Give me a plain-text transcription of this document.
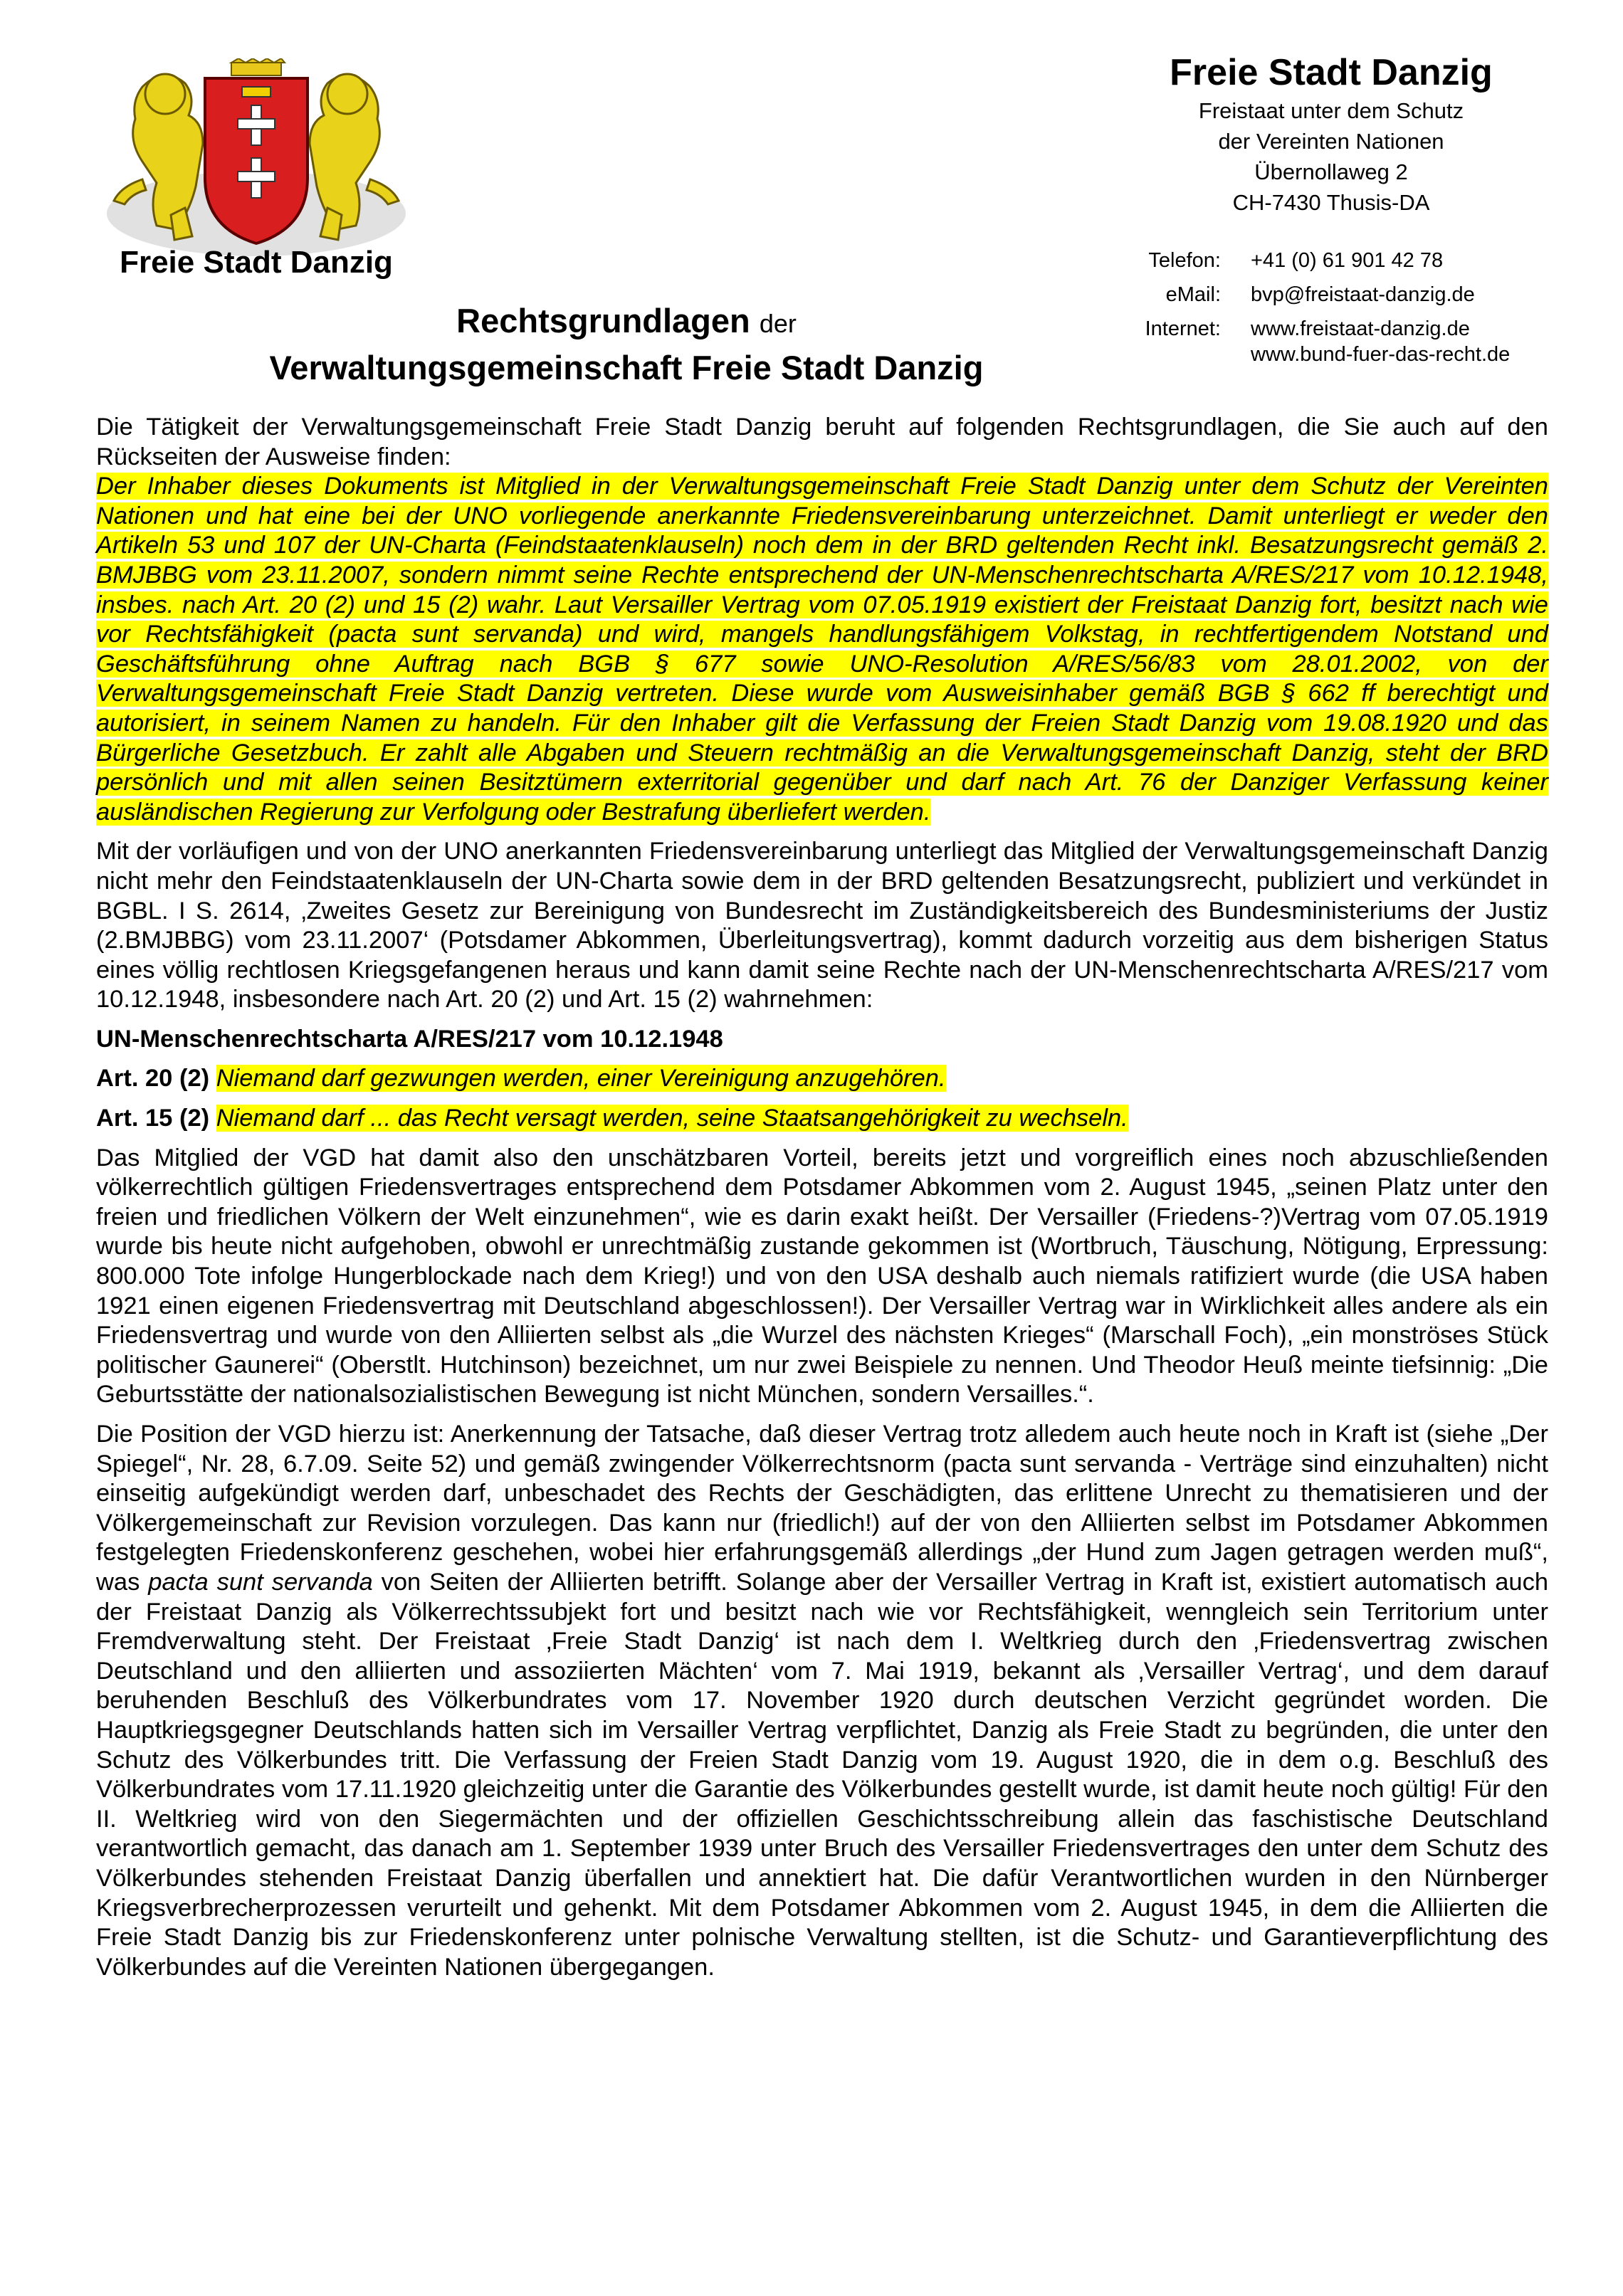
Freie Stadt Danzig
Freie Stadt Danzig
Freistaat unter dem Schutz
der Vereinten Nationen
Übernollaweg 2
CH-7430 Thusis-DA
Telefon:	+41 (0) 61 901 42 78
eMail:	bvp@freistaat-danzig.de
Internet:	www.freistaat-danzig.de
www.bund-fuer-das-recht.de
Rechtsgrundlagen der
Verwaltungsgemeinschaft Freie Stadt Danzig

Die Tätigkeit der Verwaltungsgemeinschaft Freie Stadt Danzig beruht auf folgenden Rechtsgrundlagen, die Sie auch auf den Rückseiten der Ausweise finden:

Der Inhaber dieses Dokuments ist Mitglied in der Verwaltungsgemeinschaft Freie Stadt Danzig unter dem Schutz der Vereinten Nationen und hat eine bei der UNO vorliegende anerkannte Friedensvereinbarung unterzeichnet. Damit unterliegt er weder den Artikeln 53 und 107 der UN-Charta (Feindstaatenklauseln) noch dem in der BRD geltenden Recht inkl. Besatzungsrecht gemäß 2. BMJBBG vom 23.11.2007, sondern nimmt seine Rechte entsprechend der UN-Menschenrechtscharta A/RES/217 vom 10.12.1948, insbes. nach Art. 20 (2) und 15 (2) wahr. Laut Versailler Vertrag vom 07.05.1919 existiert der Freistaat Danzig fort, besitzt nach wie vor Rechtsfähigkeit (pacta sunt servanda) und wird, mangels handlungsfähigem Volkstag, in rechtfertigendem Notstand und Geschäftsführung ohne Auftrag nach BGB § 677 sowie UNO-Resolution A/RES/56/83 vom 28.01.2002, von der Verwaltungsgemeinschaft Freie Stadt Danzig vertreten. Diese wurde vom Ausweisinhaber gemäß BGB § 662 ff berechtigt und autorisiert, in seinem Namen zu handeln. Für den Inhaber gilt die Verfassung der Freien Stadt Danzig vom 19.08.1920 und das Bürgerliche Gesetzbuch. Er zahlt alle Abgaben und Steuern rechtmäßig an die Verwaltungsgemeinschaft Danzig, steht der BRD persönlich und mit allen seinen Besitztümern exterritorial gegenüber und darf nach Art. 76 der Danziger Verfassung keiner ausländischen Regierung zur Verfolgung oder Bestrafung überliefert werden.

Mit der vorläufigen und von der UNO anerkannten Friedensvereinbarung unterliegt das Mitglied der Verwaltungsgemeinschaft Danzig nicht mehr den Feindstaatenklauseln der UN-Charta sowie dem in der BRD geltenden Besatzungsrecht, publiziert und verkündet in BGBL. I S. 2614, ‚Zweites Gesetz zur Bereinigung von Bundesrecht im Zuständigkeitsbereich des Bundesministeriums der Justiz (2.BMJBBG) vom 23.11.2007‘ (Potsdamer Abkommen, Überleitungsvertrag), kommt dadurch vorzeitig aus dem bisherigen Status eines völlig rechtlosen Kriegsgefangenen heraus und kann damit seine Rechte nach der UN-Menschenrechtscharta A/RES/217 vom 10.12.1948, insbesondere nach Art. 20 (2) und Art. 15 (2) wahrnehmen:

UN-Menschenrechtscharta A/RES/217 vom 10.12.1948

Art. 20 (2) Niemand darf gezwungen werden, einer Vereinigung anzugehören.

Art. 15 (2) Niemand darf ... das Recht versagt werden, seine Staatsangehörigkeit zu wechseln.

Das Mitglied der VGD hat damit also den unschätzbaren Vorteil, bereits jetzt und vorgreiflich eines noch abzuschließenden völkerrechtlich gültigen Friedensvertrages entsprechend dem Potsdamer Abkommen vom 2. August 1945, „seinen Platz unter den freien und friedlichen Völkern der Welt einzunehmen“, wie es darin exakt heißt. Der Versailler (Friedens-?)Vertrag vom 07.05.1919 wurde bis heute nicht aufgehoben, obwohl er unrechtmäßig zustande gekommen ist (Wortbruch, Täuschung, Nötigung, Erpressung: 800.000 Tote infolge Hungerblockade nach dem Krieg!) und von den USA deshalb auch niemals ratifiziert wurde (die USA haben 1921 einen eigenen Friedensvertrag mit Deutschland abgeschlossen!). Der Versailler Vertrag war in Wirklichkeit alles andere als ein Friedensvertrag und wurde von den Alliierten selbst als „die Wurzel des nächsten Krieges“ (Marschall Foch), „ein monströses Stück politischer Gaunerei“ (Oberstlt. Hutchinson) bezeichnet, um nur zwei Beispiele zu nennen. Und Theodor Heuß meinte tiefsinnig: „Die Geburtsstätte der nationalsozialistischen Bewegung ist nicht München, sondern Versailles.“.

Die Position der VGD hierzu ist: Anerkennung der Tatsache, daß dieser Vertrag trotz alledem auch heute noch in Kraft ist (siehe „Der Spiegel“, Nr. 28, 6.7.09. Seite 52) und gemäß zwingender Völkerrechtsnorm (pacta sunt servanda - Verträge sind einzuhalten) nicht einseitig aufgekündigt werden darf, unbeschadet des Rechts der Geschädigten, das erlittene Unrecht zu thematisieren und der Völkergemeinschaft zur Revision vorzulegen. Das kann nur (friedlich!) auf der von den Alliierten selbst im Potsdamer Abkommen festgelegten Friedenskonferenz geschehen, wobei hier erfahrungsgemäß allerdings „der Hund zum Jagen getragen werden muß“, was pacta sunt servanda von Seiten der Alliierten betrifft. Solange aber der Versailler Vertrag in Kraft ist, existiert automatisch auch der Freistaat Danzig als Völkerrechtssubjekt fort und besitzt nach wie vor Rechtsfähigkeit, wenngleich sein Territorium unter Fremdverwaltung steht. Der Freistaat ‚Freie Stadt Danzig‘ ist nach dem I. Weltkrieg durch den ‚Friedensvertrag zwischen Deutschland und den alliierten und assoziierten Mächten‘ vom 7. Mai 1919, bekannt als ‚Versailler Vertrag‘, und dem darauf beruhenden Beschluß des Völkerbundrates vom 17. November 1920 durch deutschen Verzicht gegründet worden. Die Hauptkriegsgegner Deutschlands hatten sich im Versailler Vertrag verpflichtet, Danzig als Freie Stadt zu begründen, die unter den Schutz des Völkerbundes tritt. Die Verfassung der Freien Stadt Danzig vom 19. August 1920, die in dem o.g. Beschluß des Völkerbundrates vom 17.11.1920 gleichzeitig unter die Garantie des Völkerbundes gestellt wurde, ist damit heute noch gültig! Für den II. Weltkrieg wird von den Siegermächten und der offiziellen Geschichtsschreibung allein das faschistische Deutschland verantwortlich gemacht, das danach am 1. September 1939 unter Bruch des Versailler Friedensvertrages den unter dem Schutz des Völkerbundes stehenden Freistaat Danzig überfallen und annektiert hat. Die dafür Verantwortlichen wurden in den Nürnberger Kriegsverbrecherprozessen verurteilt und gehenkt. Mit dem Potsdamer Abkommen vom 2. August 1945, in dem die Alliierten die Freie Stadt Danzig bis zur Friedenskonferenz unter polnische Verwaltung stellten, ist die Schutz- und Garantieverpflichtung des Völkerbundes auf die Vereinten Nationen übergegangen.
